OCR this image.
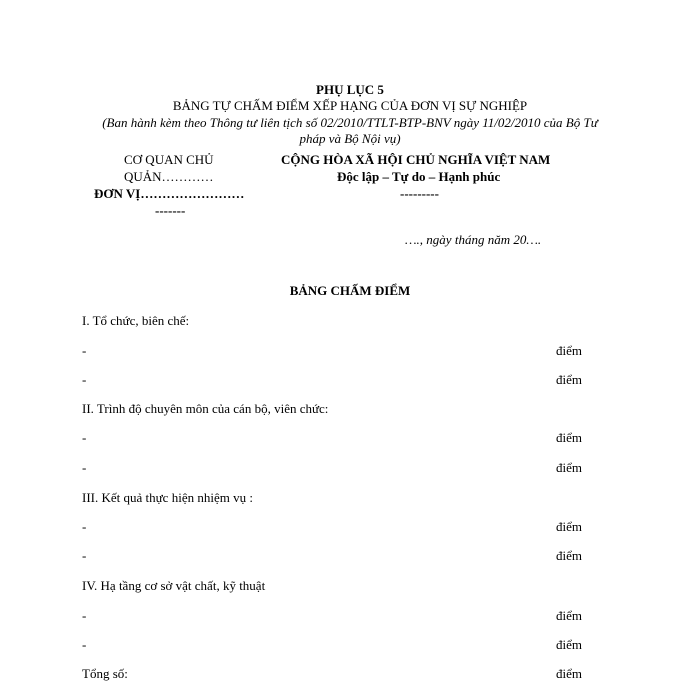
PHỤ LỤC 5
BẢNG TỰ CHẤM ĐIỂM XẾP HẠNG CỦA ĐƠN VỊ SỰ NGHIỆP
(Ban hành kèm theo Thông tư liên tịch số 02/2010/TTLT-BTP-BNV ngày 11/02/2010 của Bộ Tư
pháp và Bộ Nội vụ)
CƠ QUAN CHỦ
QUẢN…………
ĐƠN VỊ……………………
-------
CỘNG HÒA XÃ HỘI CHỦ NGHĨA VIỆT NAM
Độc lập – Tự do – Hạnh phúc
---------
…., ngày tháng năm 20….
BẢNG CHẤM ĐIỂM
I. Tổ chức, biên chế:
-	điểm
-	điểm
II. Trình độ chuyên môn của cán bộ, viên chức:
-	điểm
-	điểm
III. Kết quả thực hiện nhiệm vụ :
-	điểm
-	điểm
IV. Hạ tầng cơ sở vật chất, kỹ thuật
-	điểm
-	điểm
Tổng số:	điểm
